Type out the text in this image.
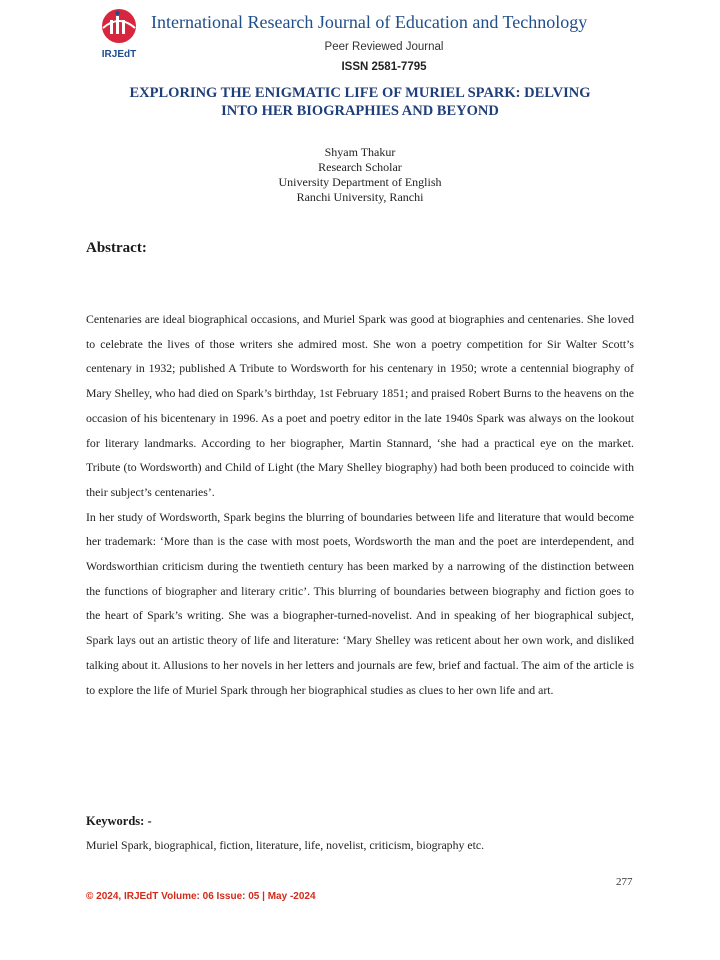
IRJEdT
International Research Journal of Education and Technology
Peer Reviewed Journal
ISSN 2581-7795
EXPLORING THE ENIGMATIC LIFE OF MURIEL SPARK: DELVING
INTO HER BIOGRAPHIES AND BEYOND
Shyam Thakur
Research Scholar
University Department of English
Ranchi University, Ranchi
Abstract:

Centenaries are ideal biographical occasions, and Muriel Spark was good at biographies and centenaries. She loved to celebrate the lives of those writers she admired most. She won a poetry competition for Sir Walter Scott’s centenary in 1932; published A Tribute to Wordsworth for his centenary in 1950; wrote a centennial biography of Mary Shelley, who had died on Spark’s birthday, 1st February 1851; and praised Robert Burns to the heavens on the occasion of his bicentenary in 1996. As a poet and poetry editor in the late 1940s Spark was always on the lookout for literary landmarks. According to her biographer, Martin Stannard, ‘she had a practical eye on the market. Tribute (to Wordsworth) and Child of Light (the Mary Shelley biography) had both been produced to coincide with their subject’s centenaries’.

In her study of Wordsworth, Spark begins the blurring of boundaries between life and literature that would become her trademark: ‘More than is the case with most poets, Wordsworth the man and the poet are interdependent, and Wordsworthian criticism during the twentieth century has been marked by a narrowing of the distinction between the functions of biographer and literary critic’. This blurring of boundaries between biography and fiction goes to the heart of Spark’s writing. She was a biographer-turned-novelist. And in speaking of her biographical subject, Spark lays out an artistic theory of life and literature: ‘Mary Shelley was reticent about her own work, and disliked talking about it. Allusions to her novels in her letters and journals are few, brief and factual. The aim of the article is to explore the life of Muriel Spark through her biographical studies as clues to her own life and art.

Keywords: -
Muriel Spark, biographical, fiction, literature, life, novelist, criticism, biography etc.
277
© 2024, IRJEdT Volume: 06 Issue: 05 | May -2024
